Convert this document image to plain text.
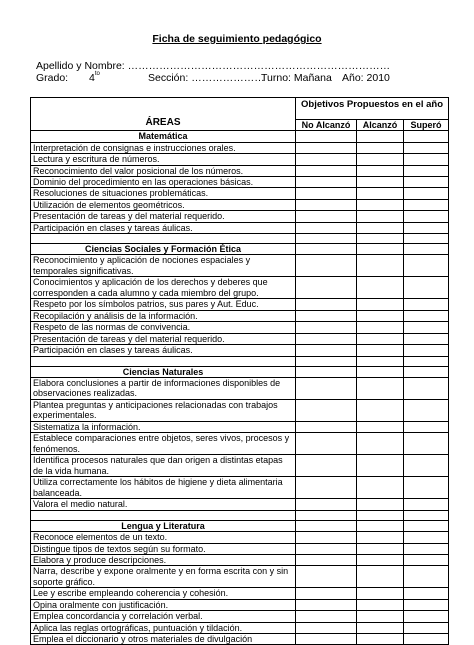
Ficha de seguimiento pedagógico
Apellido y Nombre: …………………………………………………………………
Grado: $4^{to}$	Sección: …………………
Turno: Mañana Año: 2010
ÁREAS	Objetivos Propuestos en el año		
	No Alcanzó	Alcanzó	Superó
Matemática			
Interpretación de consignas e instrucciones orales.			
Lectura y escritura de números.			
Reconocimiento del valor posicional de los números.			
Dominio del procedimiento en las operaciones básicas.			
Resoluciones de situaciones problemáticas.			
Utilización de elementos geométricos.			
Presentación de tareas y del material requerido.			
Participación en clases y tareas áulicas.			

Ciencias Sociales y Formación Ética			
Reconocimiento y aplicación de nociones espaciales y temporales significativas.			
Conocimientos y aplicación de los derechos y deberes que corresponden a cada alumno y cada miembro del grupo.			
Respeto por los símbolos patrios, sus pares y Aut. Educ.			
Recopilación y análisis de la información.			
Respeto de las normas de convivencia.			
Presentación de tareas y del material requerido.			
Participación en clases y tareas áulicas.			

Ciencias Naturales			
Elabora conclusiones a partir de informaciones disponibles de observaciones realizadas.			
Plantea preguntas y anticipaciones relacionadas con trabajos experimentales.			
Sistematiza la información.			
Establece comparaciones entre objetos, seres vivos, procesos y fenómenos.			
Identifica procesos naturales que dan origen a distintas etapas de la vida humana.			
Utiliza correctamente los hábitos de higiene y dieta alimentaria balanceada.			
Valora el medio natural.			

Lengua y Literatura			
Reconoce elementos de un texto.			
Distingue tipos de textos según su formato.			
Elabora y produce descripciones.			
Narra, describe y expone oralmente y en forma escrita con y sin soporte gráfico.			
Lee y escribe empleando coherencia y cohesión.			
Opina oralmente con justificación.			
Emplea concordancia y correlación verbal.			
Aplica las reglas ortográficas, puntuación y tildación.			
Emplea el diccionario y otros materiales de divulgación			
